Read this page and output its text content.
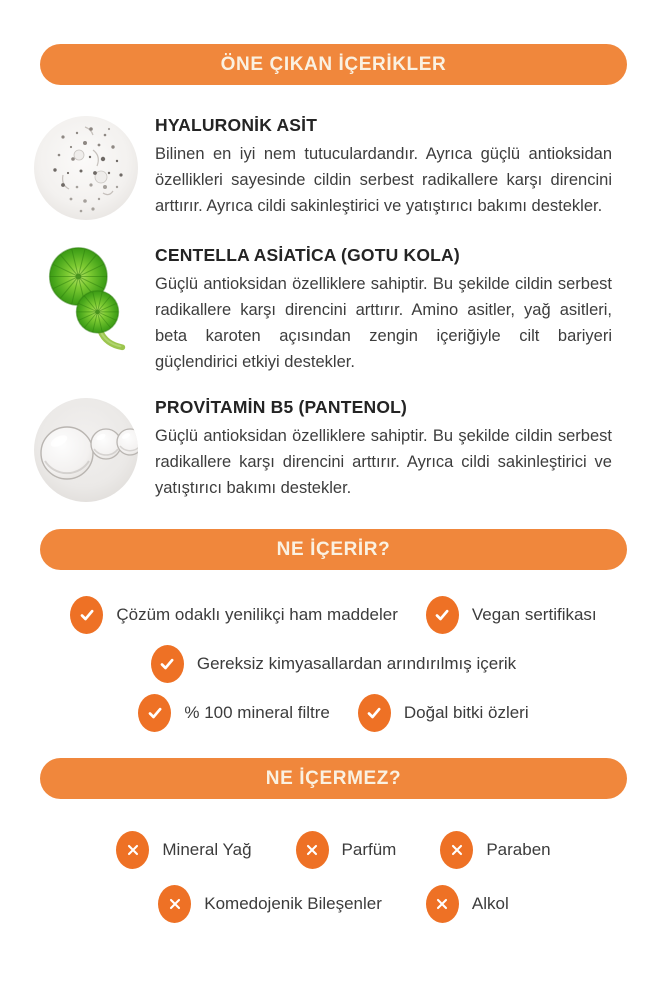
ÖNE ÇIKAN İÇERİKLER
HYALURONİK ASİT

Bilinen en iyi nem tutuculardandır. Ayrıca güçlü antioksidan özellikleri sayesinde cildin serbest radikallere karşı direncini arttırır. Ayrıca cildi sakinleştirici ve yatıştırıcı bakımı destekler.

CENTELLA ASİATİCA (GOTU KOLA)

Güçlü antioksidan özelliklere sahiptir. Bu şekilde cildin serbest radikallere karşı direncini arttırır. Amino asitler, yağ asitleri, beta karoten açısından zengin içeriğiyle cilt bariyeri güçlendirici etkiyi destekler.

PROVİTAMİN B5 (PANTENOL)

Güçlü antioksidan özelliklere sahiptir. Bu şekilde cildin serbest radikallere karşı direncini arttırır. Ayrıca cildi sakinleştirici ve yatıştırıcı bakımı destekler.

NE İÇERİR?
Çözüm odaklı yenilikçi ham maddeler	Vegan sertifikası
Gereksiz kimyasallardan arındırılmış içerik
% 100 mineral filtre	Doğal bitki özleri
NE İÇERMEZ?
Mineral Yağ	Parfüm	Paraben
Komedojenik Bileşenler	Alkol
